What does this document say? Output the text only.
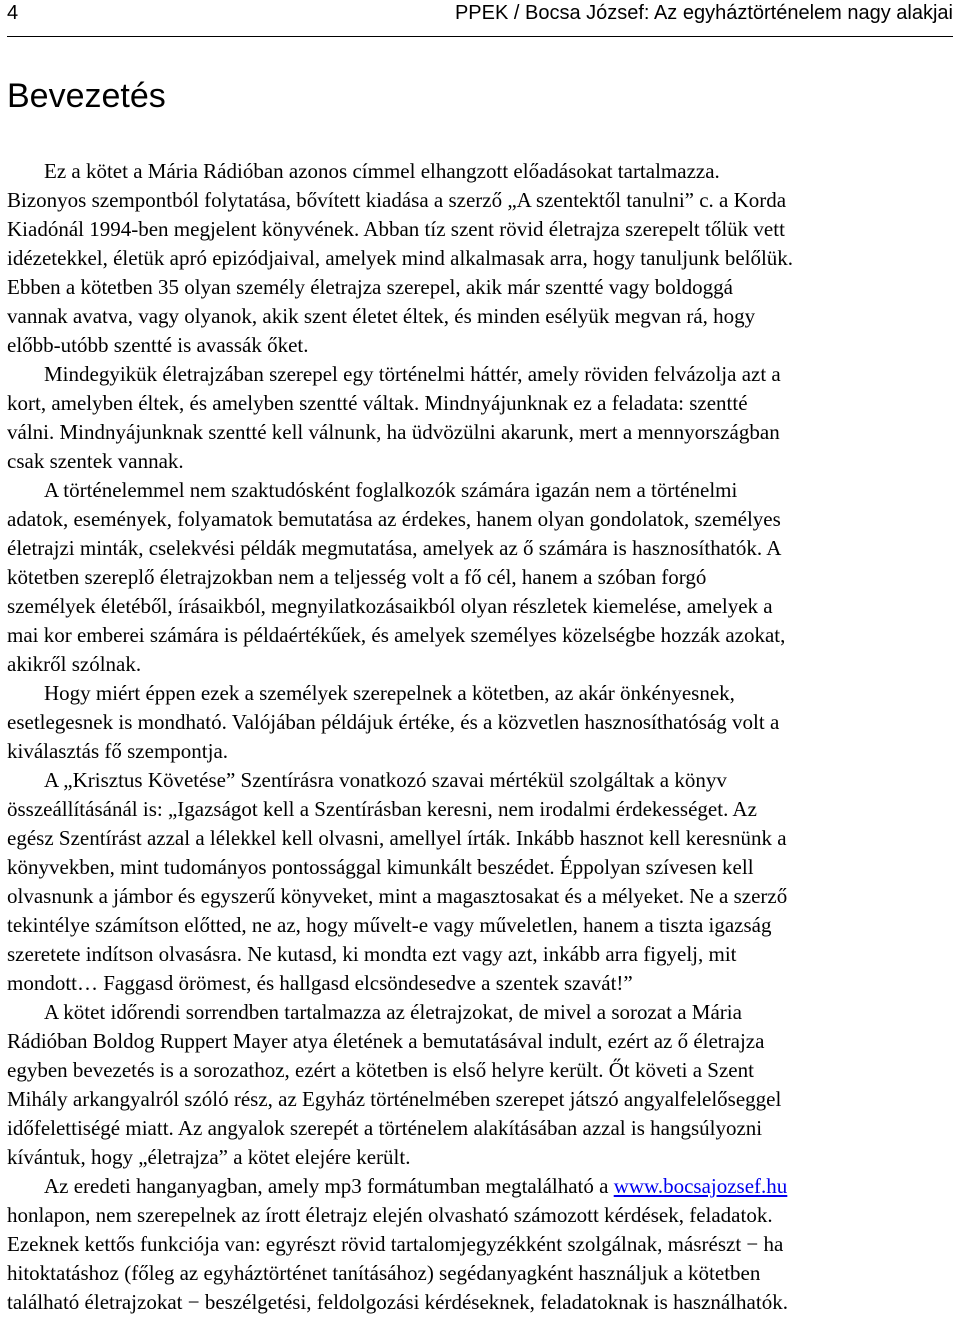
4	PPEK / Bocsa József: Az egyháztörténelem nagy alakjai
Bevezetés
Ez a kötet a Mária Rádióban azonos címmel elhangzott előadásokat tartalmazza.
Bizonyos szempontból folytatása, bővített kiadása a szerző „A szentektől tanulni” c. a Korda
Kiadónál 1994-ben megjelent könyvének. Abban tíz szent rövid életrajza szerepelt tőlük vett
idézetekkel, életük apró epizódjaival, amelyek mind alkalmasak arra, hogy tanuljunk belőlük.
Ebben a kötetben 35 olyan személy életrajza szerepel, akik már szentté vagy boldoggá
vannak avatva, vagy olyanok, akik szent életet éltek, és minden esélyük megvan rá, hogy
előbb-utóbb szentté is avassák őket.
Mindegyikük életrajzában szerepel egy történelmi háttér, amely röviden felvázolja azt a
kort, amelyben éltek, és amelyben szentté váltak. Mindnyájunknak ez a feladata: szentté
válni. Mindnyájunknak szentté kell válnunk, ha üdvözülni akarunk, mert a mennyországban
csak szentek vannak.
A történelemmel nem szaktudósként foglalkozók számára igazán nem a történelmi
adatok, események, folyamatok bemutatása az érdekes, hanem olyan gondolatok, személyes
életrajzi minták, cselekvési példák megmutatása, amelyek az ő számára is hasznosíthatók. A
kötetben szereplő életrajzokban nem a teljesség volt a fő cél, hanem a szóban forgó
személyek életéből, írásaikból, megnyilatkozásaikból olyan részletek kiemelése, amelyek a
mai kor emberei számára is példaértékűek, és amelyek személyes közelségbe hozzák azokat,
akikről szólnak.
Hogy miért éppen ezek a személyek szerepelnek a kötetben, az akár önkényesnek,
esetlegesnek is mondható. Valójában példájuk értéke, és a közvetlen hasznosíthatóság volt a
kiválasztás fő szempontja.
A „Krisztus Követése” Szentírásra vonatkozó szavai mértékül szolgáltak a könyv
összeállításánál is: „Igazságot kell a Szentírásban keresni, nem irodalmi érdekességet. Az
egész Szentírást azzal a lélekkel kell olvasni, amellyel írták. Inkább hasznot kell keresnünk a
könyvekben, mint tudományos pontossággal kimunkált beszédet. Éppolyan szívesen kell
olvasnunk a jámbor és egyszerű könyveket, mint a magasztosakat és a mélyeket. Ne a szerző
tekintélye számítson előtted, ne az, hogy művelt-e vagy műveletlen, hanem a tiszta igazság
szeretete indítson olvasásra. Ne kutasd, ki mondta ezt vagy azt, inkább arra figyelj, mit
mondott… Faggasd örömest, és hallgasd elcsöndesedve a szentek szavát!”
A kötet időrendi sorrendben tartalmazza az életrajzokat, de mivel a sorozat a Mária
Rádióban Boldog Ruppert Mayer atya életének a bemutatásával indult, ezért az ő életrajza
egyben bevezetés is a sorozathoz, ezért a kötetben is első helyre került. Őt követi a Szent
Mihály arkangyalról szóló rész, az Egyház történelmében szerepet játszó angyalfelelőseggel
időfelettiségé miatt. Az angyalok szerepét a történelem alakításában azzal is hangsúlyozni
kívántuk, hogy „életrajza” a kötet elejére került.
Az eredeti hanganyagban, amely mp3 formátumban megtalálható a www.bocsajozsef.hu
honlapon, nem szerepelnek az írott életrajz elején olvasható számozott kérdések, feladatok.
Ezeknek kettős funkciója van: egyrészt rövid tartalomjegyzékként szolgálnak, másrészt − ha
hitoktatáshoz (főleg az egyháztörténet tanításához) segédanyagként használjuk a kötetben
található életrajzokat − beszélgetési, feldolgozási kérdéseknek, feladatoknak is használhatók.
